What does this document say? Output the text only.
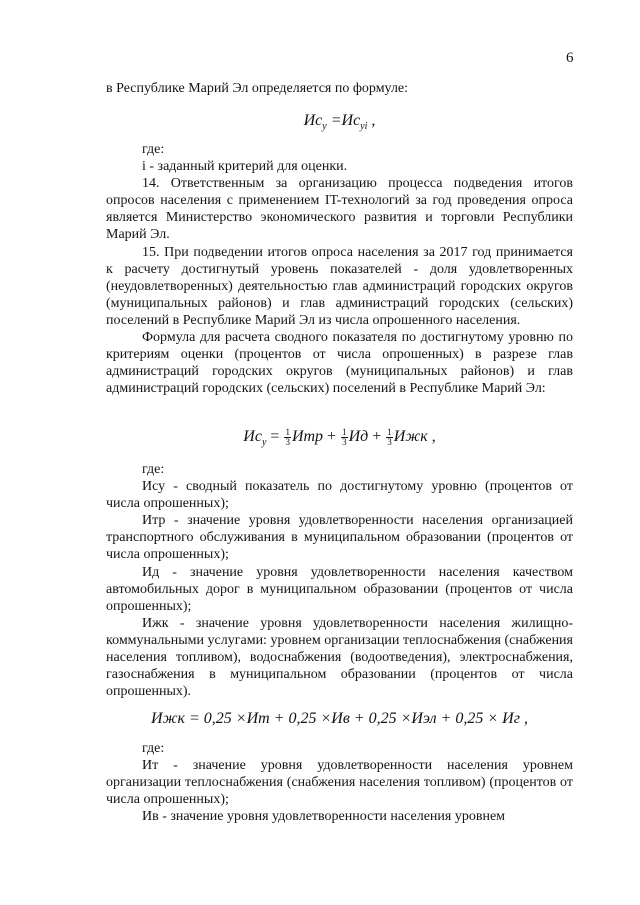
6

в Республике Марий Эл определяется по формуле:

$Ис_у =Ис_{уi}$ ,

где:

i - заданный критерий для оценки.

14. Ответственным за организацию процесса подведения итогов опросов населения с применением IT-технологий за год проведения опроса является Министерство экономического развития и торговли Республики Марий Эл.

15. При подведении итогов опроса населения за 2017 год принимается к расчету достигнутый уровень показателей - доля удовлетворенных (неудовлетворенных) деятельностью глав администраций городских округов (муниципальных районов) и глав администраций городских (сельских) поселений в Республике Марий Эл из числа опрошенного населения.

Формула для расчета сводного показателя по достигнутому уровню по критериям оценки (процентов от числа опрошенных) в разрезе глав администраций городских округов (муниципальных районов) и глав администраций городских (сельских) поселений в Республике Марий Эл:

$Ис_у = \frac{1}{3}$ Итр + $\frac{1}{3}$ Ид + $\frac{1}{3}$ Ижк ,

где:

Ису - сводный показатель по достигнутому уровню (процентов от числа опрошенных);

Итр - значение уровня удовлетворенности населения организацией транспортного обслуживания в муниципальном образовании (процентов от числа опрошенных);

Ид - значение уровня удовлетворенности населения качеством автомобильных дорог в муниципальном образовании (процентов от числа опрошенных);

Ижк - значение уровня удовлетворенности населения жилищно-коммунальными услугами: уровнем организации теплоснабжения (снабжения населения топливом), водоснабжения (водоотведения), электроснабжения, газоснабжения в муниципальном образовании (процентов от числа опрошенных).

Ижк = 0,25 ×Ит + 0,25 ×Ив + 0,25 ×Иэл + 0,25 × Иг ,

где:

Ит - значение уровня удовлетворенности населения уровнем организации теплоснабжения (снабжения населения топливом) (процентов от числа опрошенных);

Ив - значение уровня удовлетворенности населения уровнем
